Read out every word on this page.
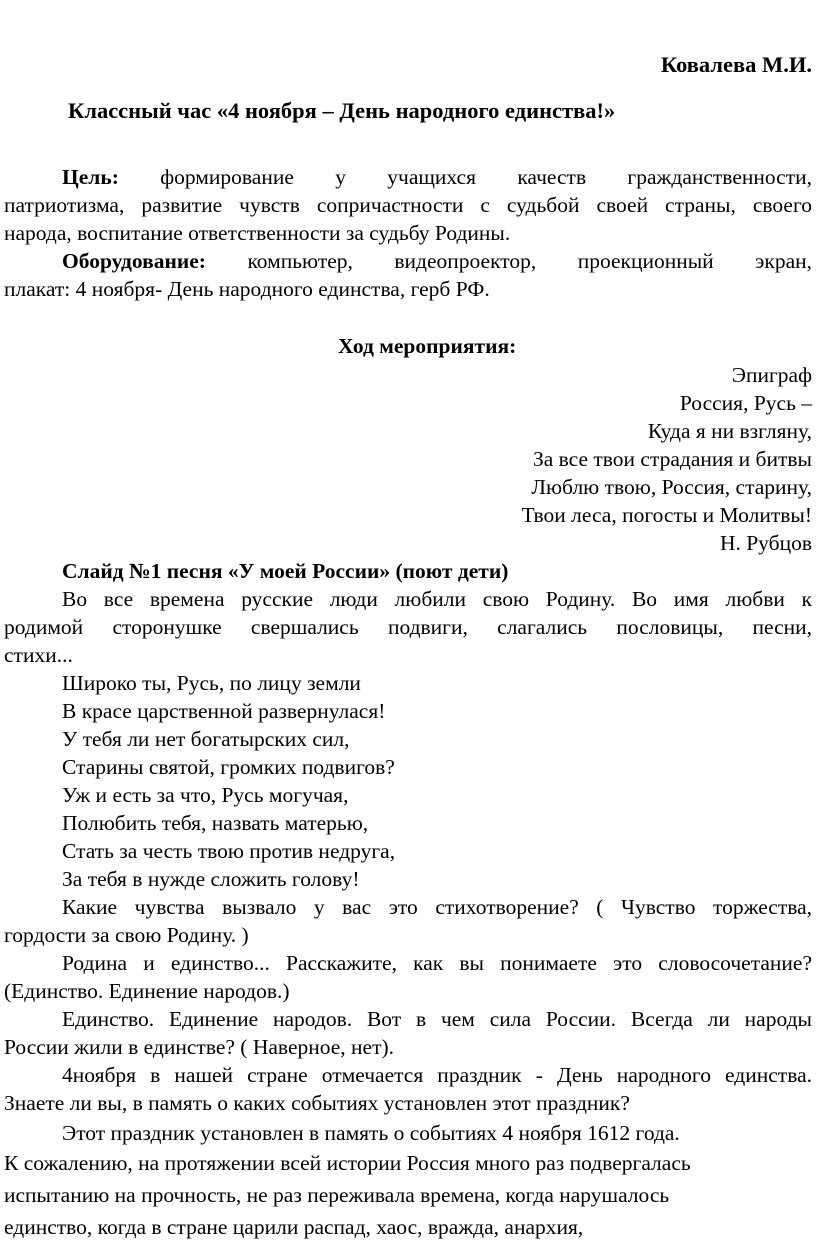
Ковалева М.И.
Классный час «4 ноября – День народного единства!»
Цель: формирование у учащихся качеств гражданственности,
патриотизма, развитие чувств сопричастности с судьбой своей страны, своего
народа, воспитание ответственности за судьбу Родины.
Оборудование: компьютер, видеопроектор, проекционный экран,
плакат: 4 ноября- День народного единства, герб РФ.
Ход мероприятия:
Эпиграф
Россия, Русь –
Куда я ни взгляну,
За все твои страдания и битвы
Люблю твою, Россия, старину,
Твои леса, погосты и Молитвы!
Н. Рубцов
Слайд №1 песня «У моей России» (поют дети)
Во все времена русские люди любили свою Родину. Во имя любви к
родимой сторонушке свершались подвиги, слагались пословицы, песни,
стихи...
Широко ты, Русь, по лицу земли
В красе царственной развернулася!
У тебя ли нет богатырских сил,
Старины святой, громких подвигов?
Уж и есть за что, Русь могучая,
Полюбить тебя, назвать матерью,
Стать за честь твою против недруга,
За тебя в нужде сложить голову!
Какие чувства вызвало у вас это стихотворение? ( Чувство торжества,
гордости за свою Родину. )
Родина и единство... Расскажите, как вы понимаете это словосочетание?
(Единство. Единение народов.)
Единство. Единение народов. Вот в чем сила России. Всегда ли народы
России жили в единстве? ( Наверное, нет).
4ноября в нашей стране отмечается праздник - День народного единства.
Знаете ли вы, в память о каких событиях установлен этот праздник?
Этот праздник установлен в память о событиях 4 ноября 1612 года.
К сожалению, на протяжении всей истории Россия много раз подвергалась
испытанию на прочность, не раз переживала времена, когда нарушалось
единство, когда в стране царили распад, хаос, вражда, анархия,
